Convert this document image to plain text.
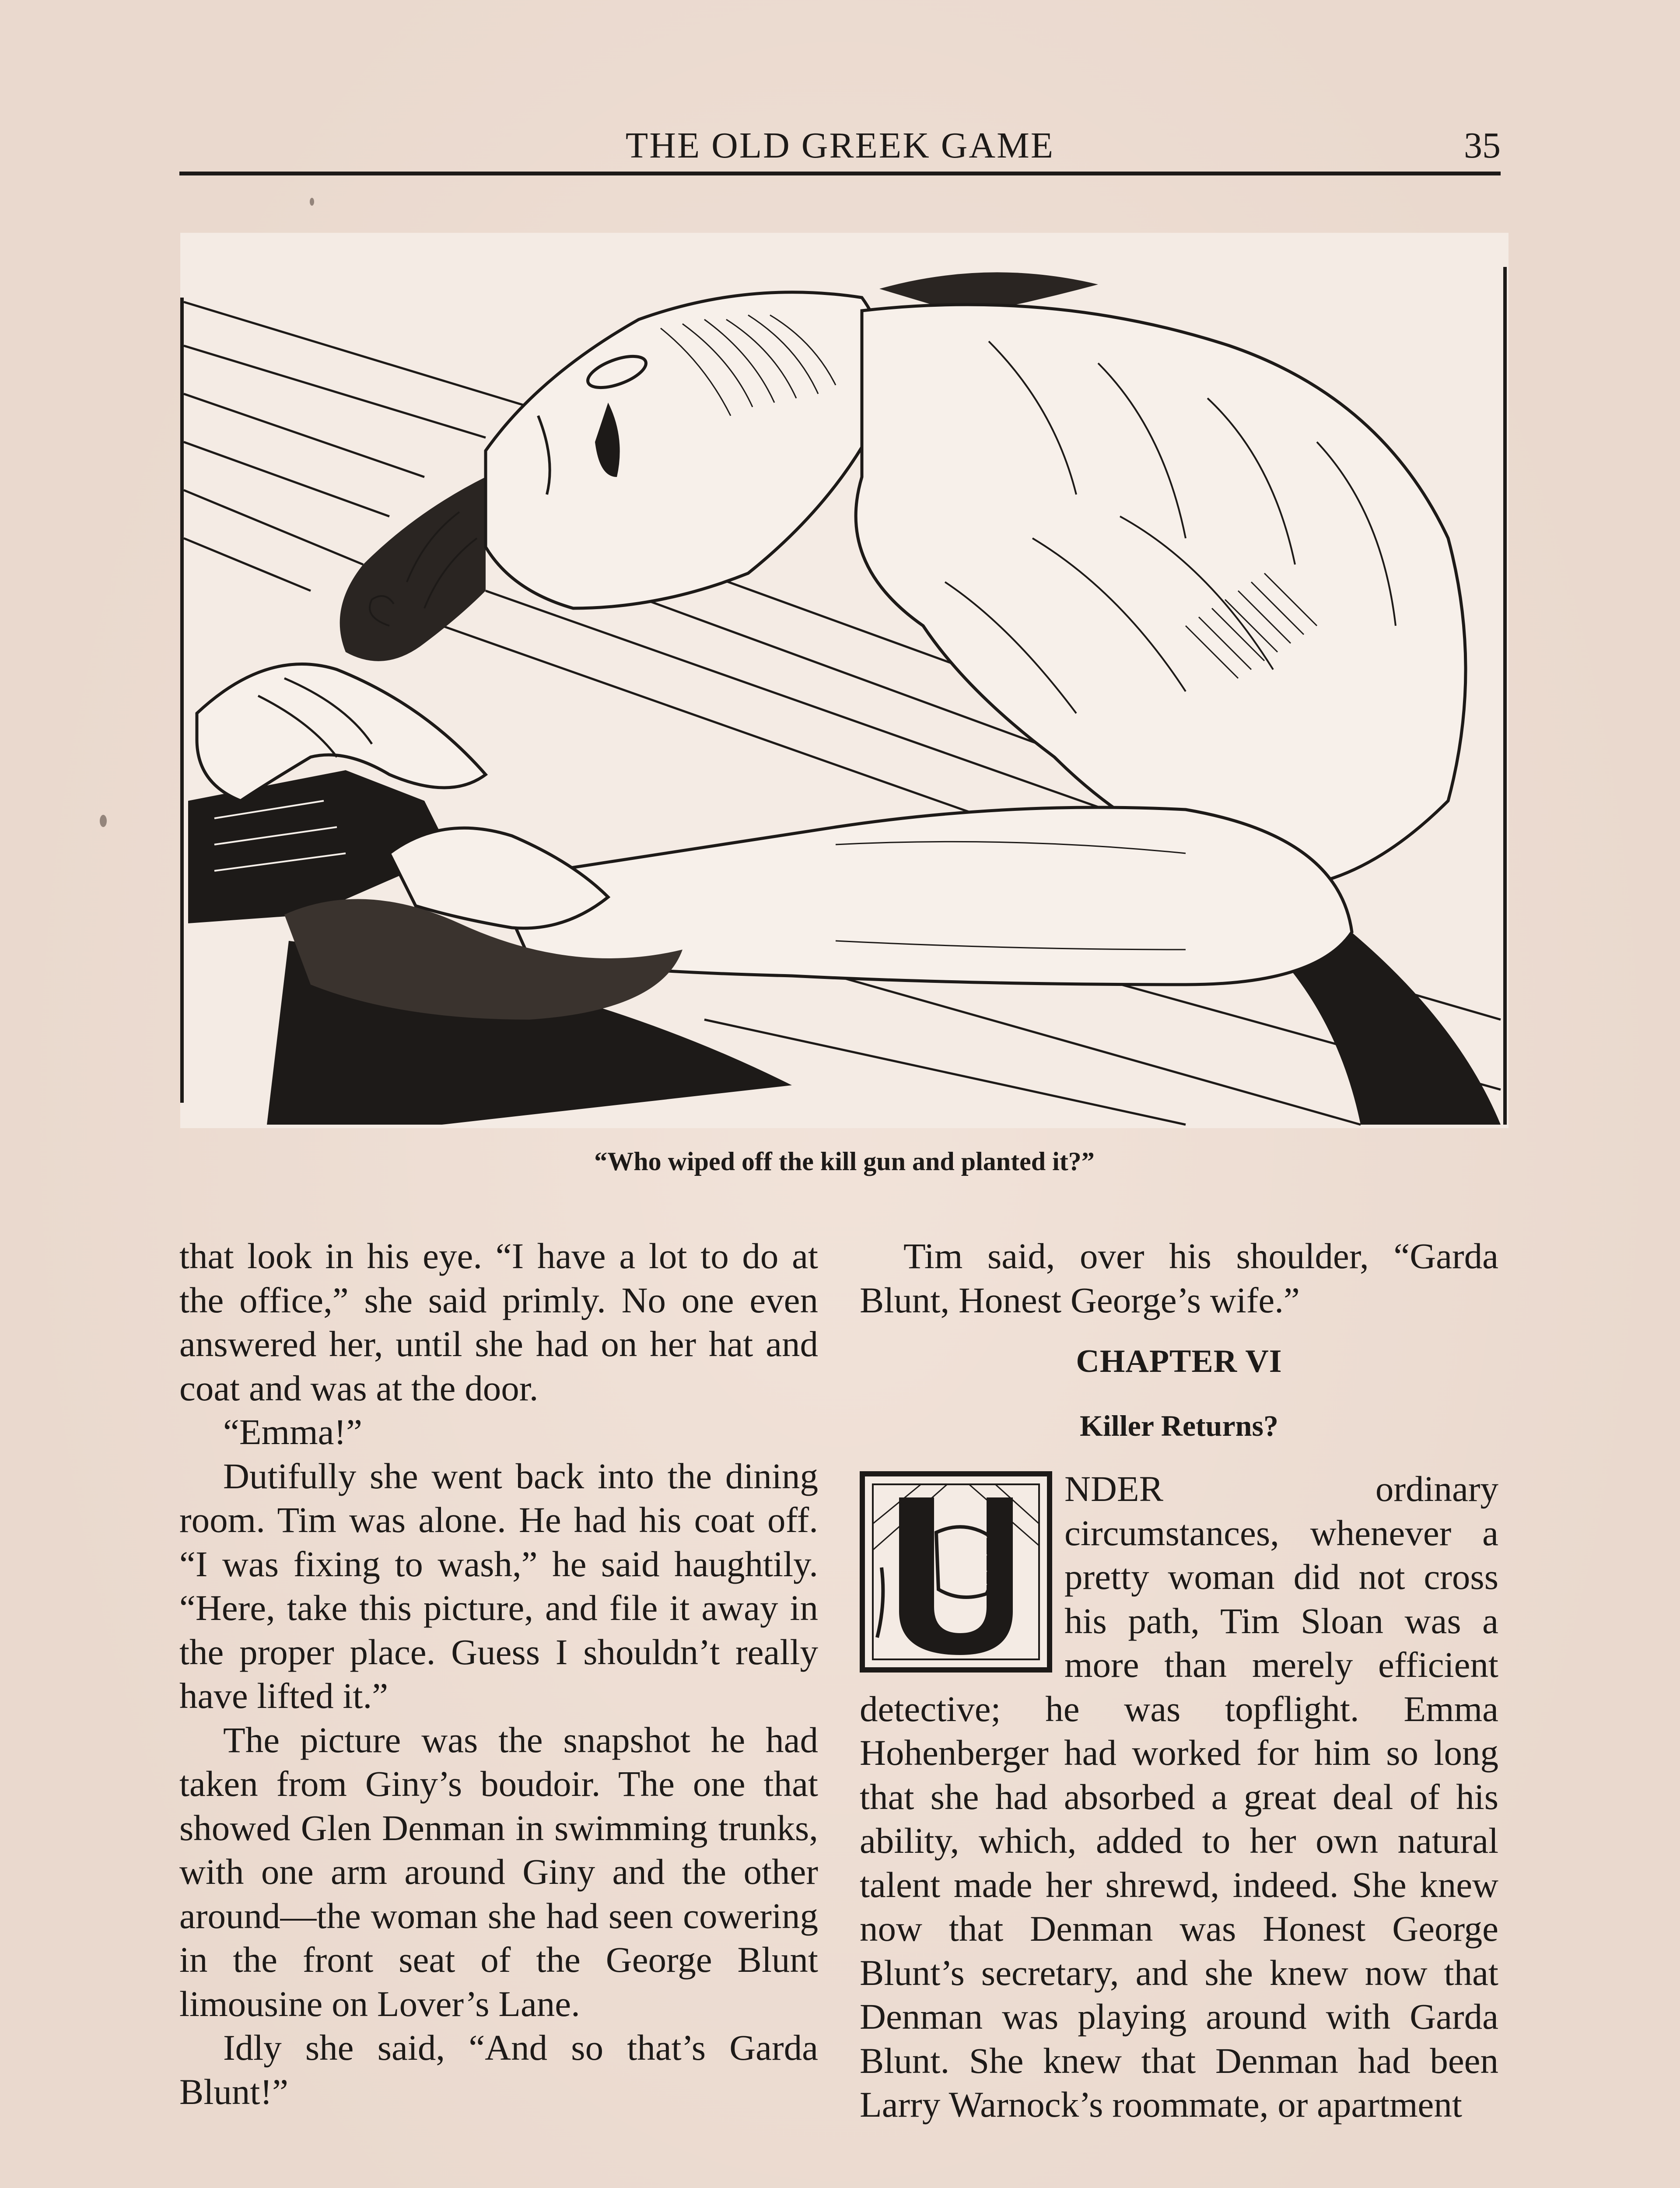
THE OLD GREEK GAME	35
“Who wiped off the kill gun and planted it?”

that look in his eye. “I have a lot to do at the office,” she said primly. No one even answered her, until she had on her hat and coat and was at the door.

“Emma!”

Dutifully she went back into the dining room. Tim was alone. He had his coat off. “I was fixing to wash,” he said haughtily. “Here, take this picture, and file it away in the proper place. Guess I shouldn’t really have lifted it.”

The picture was the snapshot he had taken from Giny’s boudoir. The one that showed Glen Denman in swimming trunks, with one arm around Giny and the other around—the woman she had seen cowering in the front seat of the George Blunt limousine on Lover’s Lane.

Idly she said, “And so that’s Garda Blunt!”

Tim said, over his shoulder, “Garda Blunt, Honest George’s wife.”

CHAPTER VI
Killer Returns?

NDER ordinary circumstances, whenever a pretty woman did not cross his path, Tim Sloan was a more than merely efficient detective; he was topflight. Emma Hohenberger had worked for him so long that she had absorbed a great deal of his ability, which, added to her own natural talent made her shrewd, indeed. She knew now that Denman was Honest George Blunt’s secretary, and she knew now that Denman was playing around with Garda Blunt. She knew that Denman had been Larry Warnock’s roommate, or apartment
